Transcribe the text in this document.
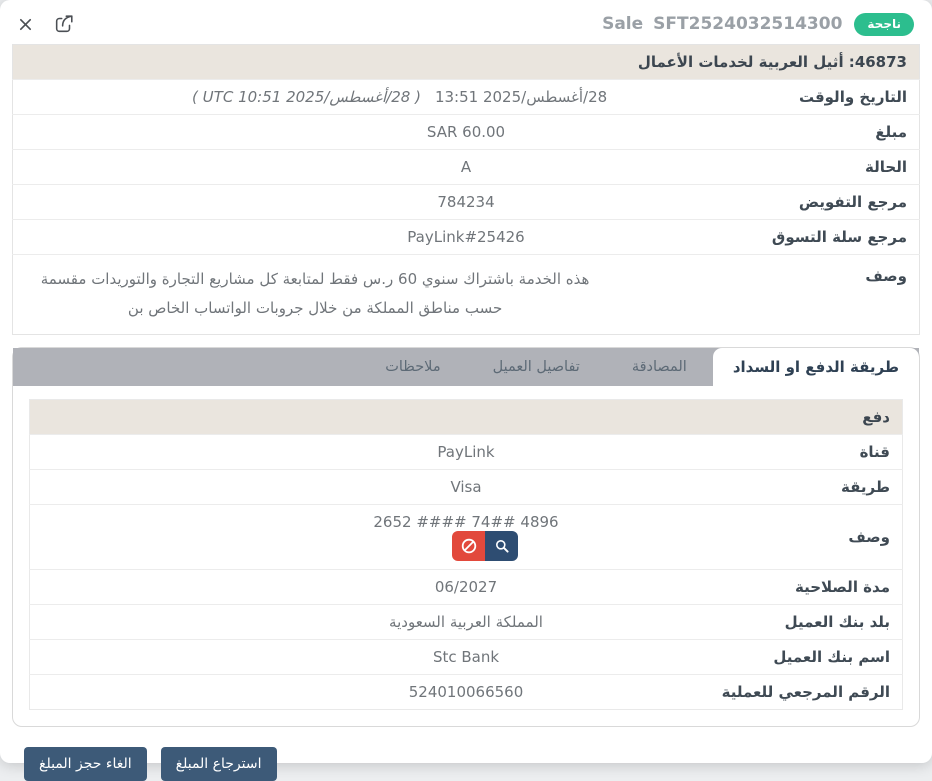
Sale SFT2524032514300	ناجحة
46873: أثيل العربية لخدمات الأعمال		
التاريخ والوقت	28/أغسطس/2025 13:51( 28/أغسطس/2025 10:51 UTC )	
مبلغ	SAR 60.00	
الحالة	A	
مرجع التفويض	784234	
مرجع سلة التسوق	PayLink#25426	
وصف	هذه الخدمة باشتراك سنوي 60 ر.س فقط لمتابعة كل مشاريع التجارة والتوريدات مقسمة حسب مناطق المملكة من خلال جروبات الواتساب الخاص بن	
طريقة الدفع او السداد
المصادقة
تفاصيل العميل
ملاحظات
دفع		
قناة	PayLink	
طريقة	Visa	
وصف	4896 74## #### 2652

مدة الصلاحية	06/2027	
بلد بنك العميل	المملكة العربية السعودية	
اسم بنك العميل	Stc Bank	
الرقم المرجعي للعملية	524010066560	
استرجاع المبلغ
الغاء حجز المبلغ
